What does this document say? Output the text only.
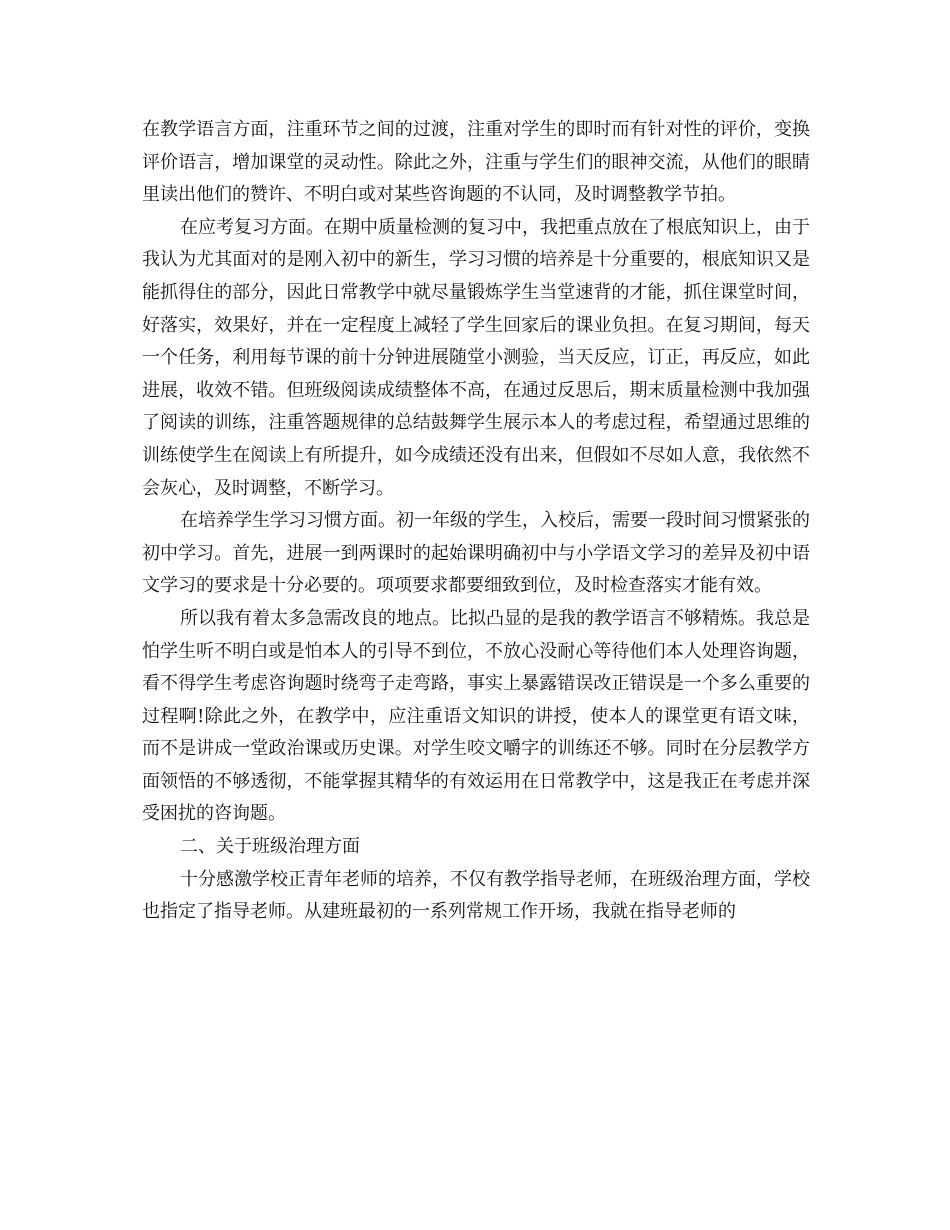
在教学语言方面，注重环节之间的过渡，注重对学生的即时而有针对性的评价，变换评价语言，增加课堂的灵动性。除此之外，注重与学生们的眼神交流，从他们的眼睛里读出他们的赞许、不明白或对某些咨询题的不认同，及时调整教学节拍。

在应考复习方面。在期中质量检测的复习中，我把重点放在了根底知识上，由于我认为尤其面对的是刚入初中的新生，学习习惯的培养是十分重要的，根底知识又是能抓得住的部分，因此日常教学中就尽量锻炼学生当堂速背的才能，抓住课堂时间，好落实，效果好，并在一定程度上减轻了学生回家后的课业负担。在复习期间，每天一个任务，利用每节课的前十分钟进展随堂小测验，当天反应，订正，再反应，如此进展，收效不错。但班级阅读成绩整体不高，在通过反思后，期末质量检测中我加强了阅读的训练，注重答题规律的总结鼓舞学生展示本人的考虑过程，希望通过思维的训练使学生在阅读上有所提升，如今成绩还没有出来，但假如不尽如人意，我依然不会灰心，及时调整，不断学习。

在培养学生学习习惯方面。初一年级的学生，入校后，需要一段时间习惯紧张的初中学习。首先，进展一到两课时的起始课明确初中与小学语文学习的差异及初中语文学习的要求是十分必要的。项项要求都要细致到位，及时检查落实才能有效。

所以我有着太多急需改良的地点。比拟凸显的是我的教学语言不够精炼。我总是怕学生听不明白或是怕本人的引导不到位，不放心没耐心等待他们本人处理咨询题，看不得学生考虑咨询题时绕弯子走弯路，事实上暴露错误改正错误是一个多么重要的过程啊!除此之外，在教学中，应注重语文知识的讲授，使本人的课堂更有语文味，而不是讲成一堂政治课或历史课。对学生咬文嚼字的训练还不够。同时在分层教学方面领悟的不够透彻，不能掌握其精华的有效运用在日常教学中，这是我正在考虑并深受困扰的咨询题。

二、关于班级治理方面

十分感激学校正青年老师的培养，不仅有教学指导老师，在班级治理方面，学校也指定了指导老师。从建班最初的一系列常规工作开场，我就在指导老师的
